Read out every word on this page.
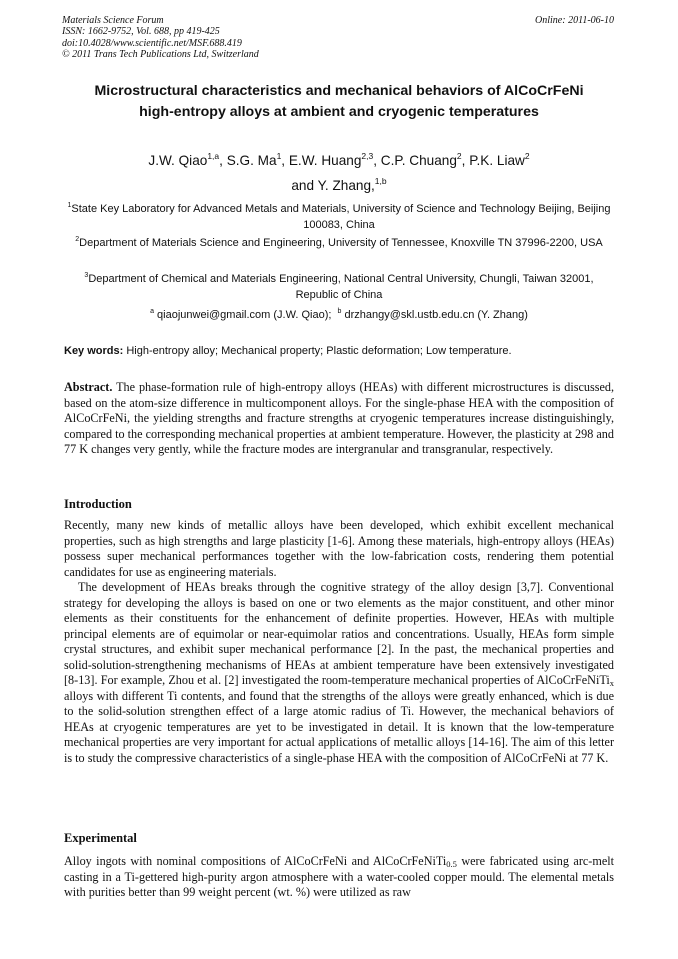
Materials Science Forum
ISSN: 1662-9752, Vol. 688, pp 419-425
doi:10.4028/www.scientific.net/MSF.688.419
© 2011 Trans Tech Publications Ltd, Switzerland
Online: 2011-06-10
Microstructural characteristics and mechanical behaviors of AlCoCrFeNi high-entropy alloys at ambient and cryogenic temperatures
J.W. Qiao$^{1,a}$, S.G. Ma$^1$, E.W. Huang$^{2,3}$, C.P. Chuang$^2$, P.K. Liaw$^2$
and Y. Zhang,$^{1,b}$
$^1$State Key Laboratory for Advanced Metals and Materials, University of Science and Technology Beijing, Beijing 100083, China
$^2$Department of Materials Science and Engineering, University of Tennessee, Knoxville TN 37996-2200, USA
$^3$Department of Chemical and Materials Engineering, National Central University, Chungli, Taiwan 32001, Republic of China
$^a$ qiaojunwei@gmail.com (J.W. Qiao); $^b$ drzhangy@skl.ustb.edu.cn (Y. Zhang)
Key words: High-entropy alloy; Mechanical property; Plastic deformation; Low temperature.
Abstract. The phase-formation rule of high-entropy alloys (HEAs) with different microstructures is discussed, based on the atom-size difference in multicomponent alloys. For the single-phase HEA with the composition of AlCoCrFeNi, the yielding strengths and fracture strengths at cryogenic temperatures increase distinguishingly, compared to the corresponding mechanical properties at ambient temperature. However, the plasticity at 298 and 77 K changes very gently, while the fracture modes are intergranular and transgranular, respectively.
Introduction

Recently, many new kinds of metallic alloys have been developed, which exhibit excellent mechanical properties, such as high strengths and large plasticity [1-6]. Among these materials, high-entropy alloys (HEAs) possess super mechanical performances together with the low-fabrication costs, rendering them potential candidates for use as engineering materials.

The development of HEAs breaks through the cognitive strategy of the alloy design [3,7]. Conventional strategy for developing the alloys is based on one or two elements as the major constituent, and other minor elements as their constituents for the enhancement of definite properties. However, HEAs with multiple principal elements are of equimolar or near-equimolar ratios and concentrations. Usually, HEAs form simple crystal structures, and exhibit super mechanical performance [2]. In the past, the mechanical properties and solid-solution-strengthening mechanisms of HEAs at ambient temperature have been extensively investigated [8-13]. For example, Zhou et al. [2] investigated the room-temperature mechanical properties of AlCoCrFeNiTi$_x$ alloys with different Ti contents, and found that the strengths of the alloys were greatly enhanced, which is due to the solid-solution strengthen effect of a large atomic radius of Ti. However, the mechanical behaviors of HEAs at cryogenic temperatures are yet to be investigated in detail. It is known that the low-temperature mechanical properties are very important for actual applications of metallic alloys [14-16]. The aim of this letter is to study the compressive characteristics of a single-phase HEA with the composition of AlCoCrFeNi at 77 K.

Experimental
Alloy ingots with nominal compositions of AlCoCrFeNi and AlCoCrFeNiTi$_{0.5}$ were fabricated using arc-melt casting in a Ti-gettered high-purity argon atmosphere with a water-cooled copper mould. The elemental metals with purities better than 99 weight percent (wt. %) were utilized as raw
